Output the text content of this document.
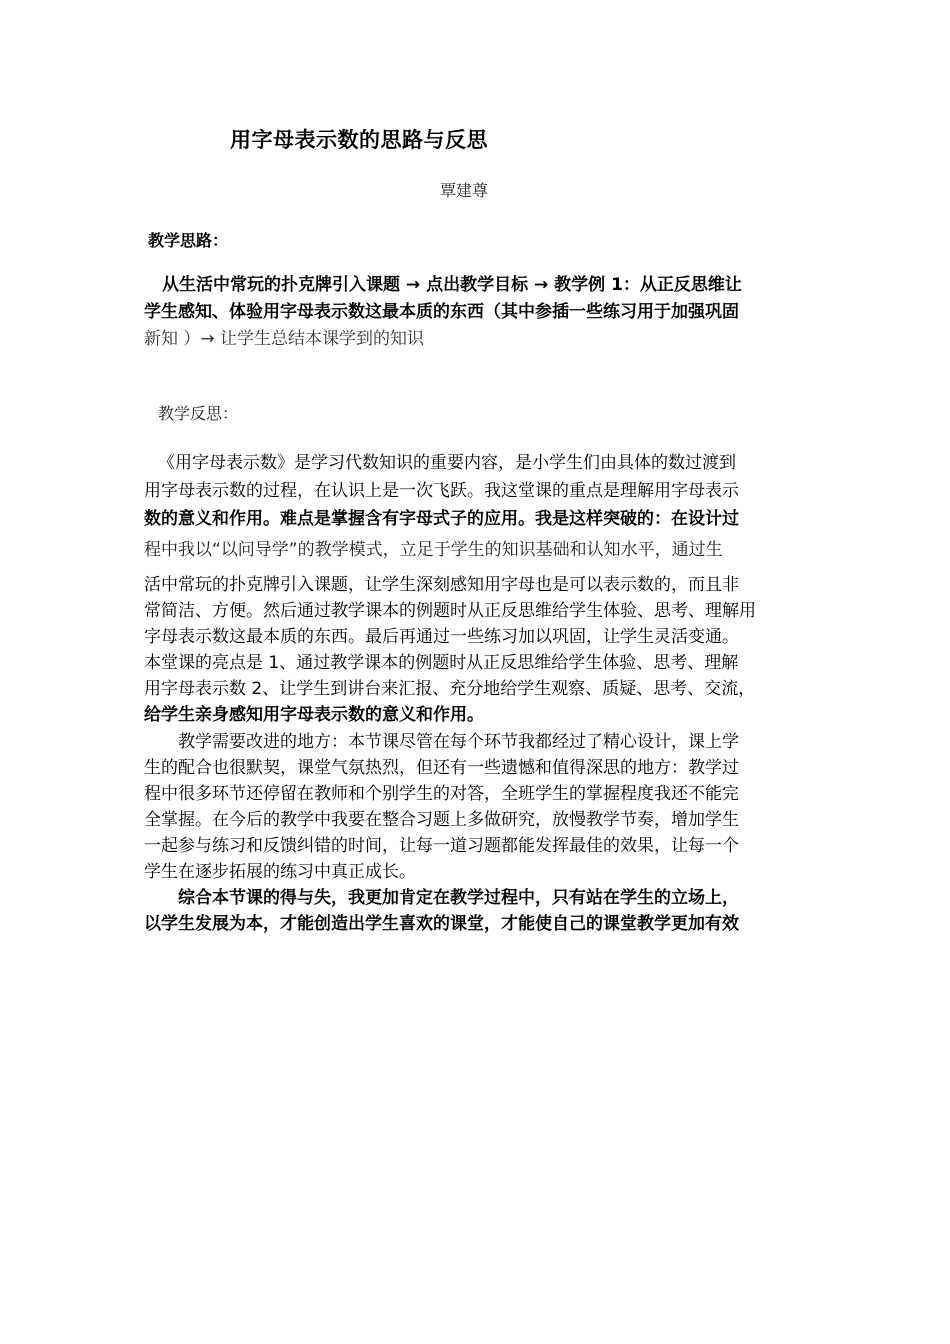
用字母表示数的思路与反思
覃建尊
教学思路：
从生活中常玩的扑克牌引入课题 → 点出教学目标 → 教学例 1：从正反思维让
学生感知、体验用字母表示数这最本质的东西（其中参插一些练习用于加强巩固
新知 ）→ 让学生总结本课学到的知识
教学反思：
《用字母表示数》是学习代数知识的重要内容，是小学生们由具体的数过渡到
用字母表示数的过程，在认识上是一次飞跃。我这堂课的重点是理解用字母表示
数的意义和作用。难点是掌握含有字母式子的应用。我是这样突破的：在设计过
程中我以“以问导学”的教学模式，立足于学生的知识基础和认知水平，通过生
活中常玩的扑克牌引入课题，让学生深刻感知用字母也是可以表示数的，而且非
常简洁、方便。然后通过教学课本的例题时从正反思维给学生体验、思考、理解用
字母表示数这最本质的东西。最后再通过一些练习加以巩固，让学生灵活变通。
本堂课的亮点是 1、通过教学课本的例题时从正反思维给学生体验、思考、理解
用字母表示数 2、让学生到讲台来汇报、充分地给学生观察、质疑、思考、交流，
给学生亲身感知用字母表示数的意义和作用。
　　教学需要改进的地方：本节课尽管在每个环节我都经过了精心设计，课上学
生的配合也很默契，课堂气氛热烈，但还有一些遗憾和值得深思的地方：教学过
程中很多环节还停留在教师和个别学生的对答，全班学生的掌握程度我还不能完
全掌握。在今后的教学中我要在整合习题上多做研究，放慢教学节奏，增加学生
一起参与练习和反馈纠错的时间，让每一道习题都能发挥最佳的效果，让每一个
学生在逐步拓展的练习中真正成长。
　　综合本节课的得与失，我更加肯定在教学过程中，只有站在学生的立场上，
以学生发展为本，才能创造出学生喜欢的课堂，才能使自己的课堂教学更加有效
